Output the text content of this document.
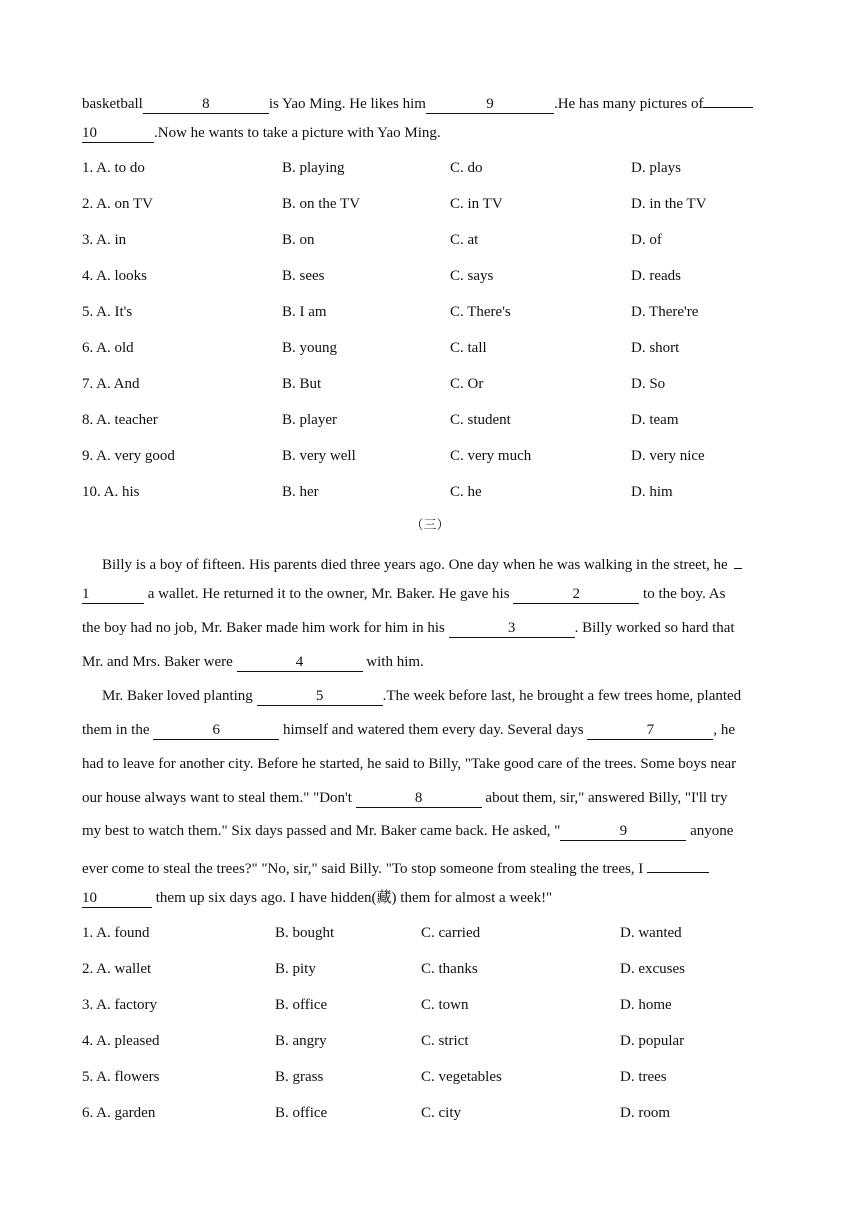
basketball	8	is Yao Ming. He likes him	9	.He has many pictures of
10	.Now he wants to take a picture with Yao Ming.
1. A. to do	B. playing	C. do	D. plays
2. A. on TV	B. on the TV	C. in TV	D. in the TV
3. A. in	B. on	C. at	D. of
4. A. looks	B. sees	C. says	D. reads
5. A. It's	B. I am	C. There's	D. There're
6. A. old	B. young	C. tall	D. short
7. A. And	B. But	C. Or	D. So
8. A. teacher	B. player	C. student	D. team
9. A. very good	B. very well	C. very much	D. very nice
10. A. his	B. her	C. he	D. him
（三）
Billy is a boy of fifteen. His parents died three years ago. One day when he was walking in the street, he
1	a wallet. He returned it to the owner, Mr. Baker. He gave his	2	to the boy. As
the boy had no job, Mr. Baker made him work for him in his	3	. Billy worked so hard that
Mr. and Mrs. Baker were	4	with him.
Mr. Baker loved planting	5	.The week before last, he brought a few trees home, planted
them in the	6	himself and watered them every day. Several days	7	, he
had to leave for another city. Before he started, he said to Billy, "Take good care of the trees. Some boys near
our house always want to steal them." "Don't	8	about them, sir," answered Billy, "I'll try
my best to watch them." Six days passed and Mr. Baker came back. He asked, "	9	anyone
ever come to steal the trees?" "No, sir," said Billy. "To stop someone from stealing the trees, I
10	them up six days ago. I have hidden(藏) them for almost a week!"
1. A. found	B. bought	C. carried	D. wanted
2. A. wallet	B. pity	C. thanks	D. excuses
3. A. factory	B. office	C. town	D. home
4. A. pleased	B. angry	C. strict	D. popular
5. A. flowers	B. grass	C. vegetables	D. trees
6. A. garden	B. office	C. city	D. room
